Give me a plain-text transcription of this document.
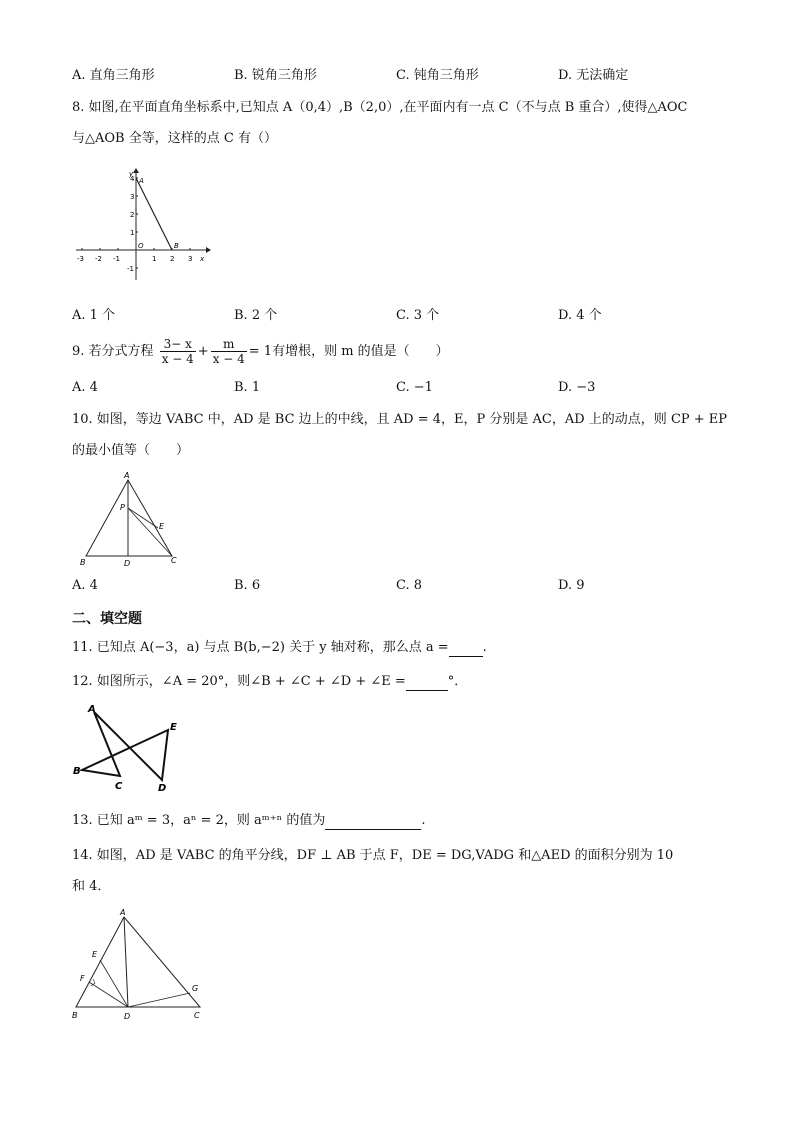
A. 直角三角形	B. 锐角三角形	C. 钝角三角形	D. 无法确定
8. 如图,在平面直角坐标系中,已知点 A（0,4）,B（2,0）,在平面内有一点 C（不与点 B 重合）,使得△AOC
与△AOB 全等，这样的点 C 有（）
y
x
4
3
2
1
-1
-3 -2 -1	1 2 3
O
A
B
A. 1 个	B. 2 个	C. 3 个	D. 4 个
9. 若分式方程 $\frac{3- x}{x - 4} + \frac{m}{x - 4} = 1$有增根，则 m 的值是（　　）
A. 4	B. 1	C. −1	D. −3
10. 如图，等边 VABC 中，AD 是 BC 边上的中线，且 AD = 4，E，P 分别是 AC，AD 上的动点，则 CP + EP
的最小值等（　　）
A
B	C
D
E
P
A. 4	B. 6	C. 8	D. 9
二、填空题
11. 已知点 A(−3，a) 与点 B(b,−2) 关于 y 轴对称，那么点 a =	.
12. 如图所示，∠A = 20°，则∠B + ∠C + ∠D + ∠E =	°．
A
B
C	D
E
13. 已知 aᵐ = 3，aⁿ = 2，则 aᵐ⁺ⁿ 的值为	.
14. 如图，AD 是 VABC 的角平分线，DF ⊥ AB 于点 F，DE = DG,VADG 和△AED 的面积分别为 10
和 4．
A
B	C
D
E
F
G
